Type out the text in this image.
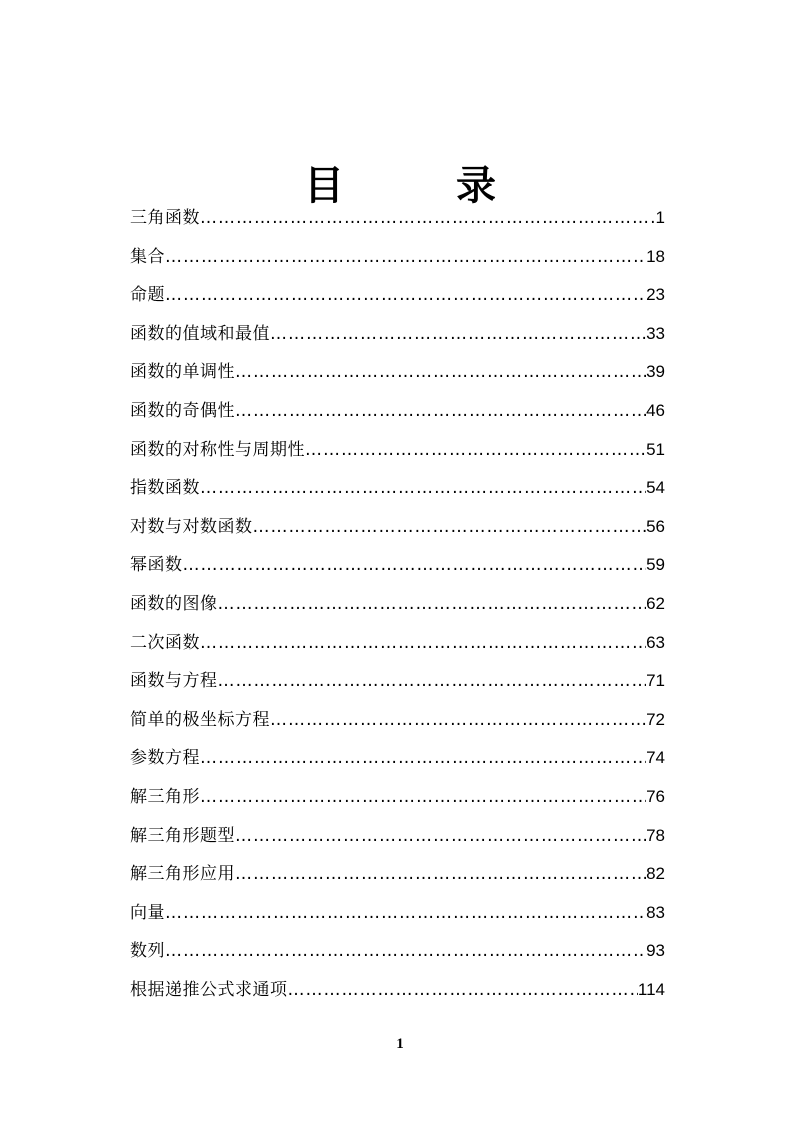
目　录
三角函数 ……………………………………………………………………………………………………………………………………………………………………	1
集合 ……………………………………………………………………………………………………………………………………………………………………	18
命题 ……………………………………………………………………………………………………………………………………………………………………	23
函数的值域和最值 ……………………………………………………………………………………………………………………………………………………………………	33
函数的单调性 ……………………………………………………………………………………………………………………………………………………………………	39
函数的奇偶性 ……………………………………………………………………………………………………………………………………………………………………	46
函数的对称性与周期性 ……………………………………………………………………………………………………………………………………………………………………	51
指数函数 ……………………………………………………………………………………………………………………………………………………………………	54
对数与对数函数 ……………………………………………………………………………………………………………………………………………………………………	56
幂函数 ……………………………………………………………………………………………………………………………………………………………………	59
函数的图像 ……………………………………………………………………………………………………………………………………………………………………	62
二次函数 ……………………………………………………………………………………………………………………………………………………………………	63
函数与方程 ……………………………………………………………………………………………………………………………………………………………………	71
简单的极坐标方程 ……………………………………………………………………………………………………………………………………………………………………	72
参数方程 ……………………………………………………………………………………………………………………………………………………………………	74
解三角形 ……………………………………………………………………………………………………………………………………………………………………	76
解三角形题型 ……………………………………………………………………………………………………………………………………………………………………	78
解三角形应用 ……………………………………………………………………………………………………………………………………………………………………	82
向量 ……………………………………………………………………………………………………………………………………………………………………	83
数列 ……………………………………………………………………………………………………………………………………………………………………	93
根据递推公式求通项 ……………………………………………………………………………………………………………………………………………………………………	114
1
